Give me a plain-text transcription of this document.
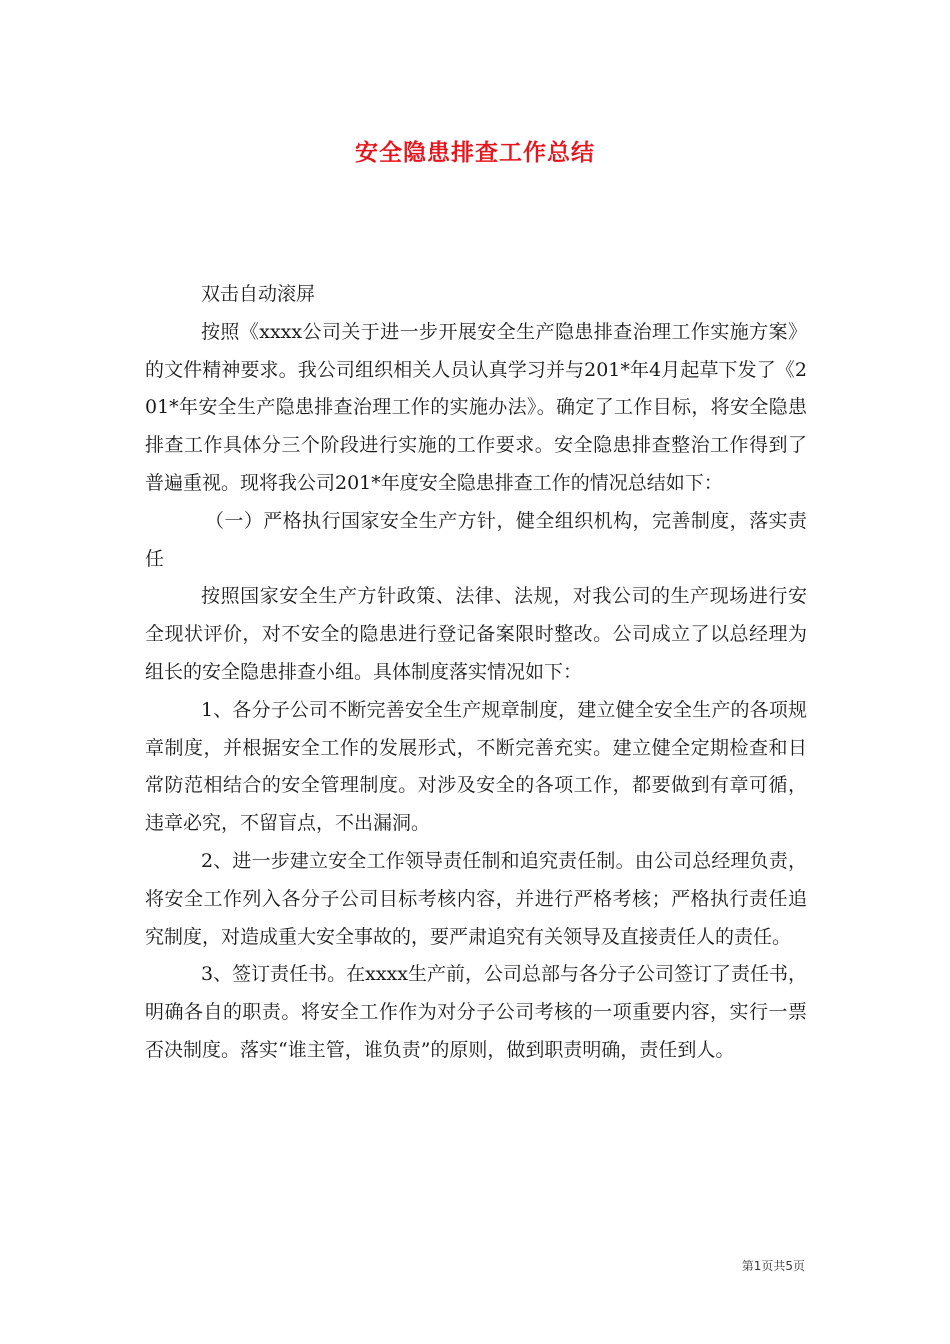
安全隐患排查工作总结

双击自动滚屏

按照《xxxx公司关于进一步开展安全生产隐患排查治理工作实施方案》的文件精神要求。我公司组织相关人员认真学习并与201*年4月起草下发了《201*年安全生产隐患排查治理工作的实施办法》。确定了工作目标，将安全隐患排查工作具体分三个阶段进行实施的工作要求。安全隐患排查整治工作得到了普遍重视。现将我公司201*年度安全隐患排查工作的情况总结如下：

（一）严格执行国家安全生产方针，健全组织机构，完善制度，落实责任

按照国家安全生产方针政策、法律、法规，对我公司的生产现场进行安全现状评价，对不安全的隐患进行登记备案限时整改。公司成立了以总经理为组长的安全隐患排查小组。具体制度落实情况如下：

1、各分子公司不断完善安全生产规章制度，建立健全安全生产的各项规章制度，并根据安全工作的发展形式，不断完善充实。建立健全定期检查和日常防范相结合的安全管理制度。对涉及安全的各项工作，都要做到有章可循，违章必究，不留盲点，不出漏洞。

2、进一步建立安全工作领导责任制和追究责任制。由公司总经理负责，将安全工作列入各分子公司目标考核内容，并进行严格考核；严格执行责任追究制度，对造成重大安全事故的，要严肃追究有关领导及直接责任人的责任。

3、签订责任书。在xxxx生产前，公司总部与各分子公司签订了责任书，明确各自的职责。将安全工作作为对分子公司考核的一项重要内容，实行一票否决制度。落实“谁主管，谁负责”的原则，做到职责明确，责任到人。

第1页共5页
